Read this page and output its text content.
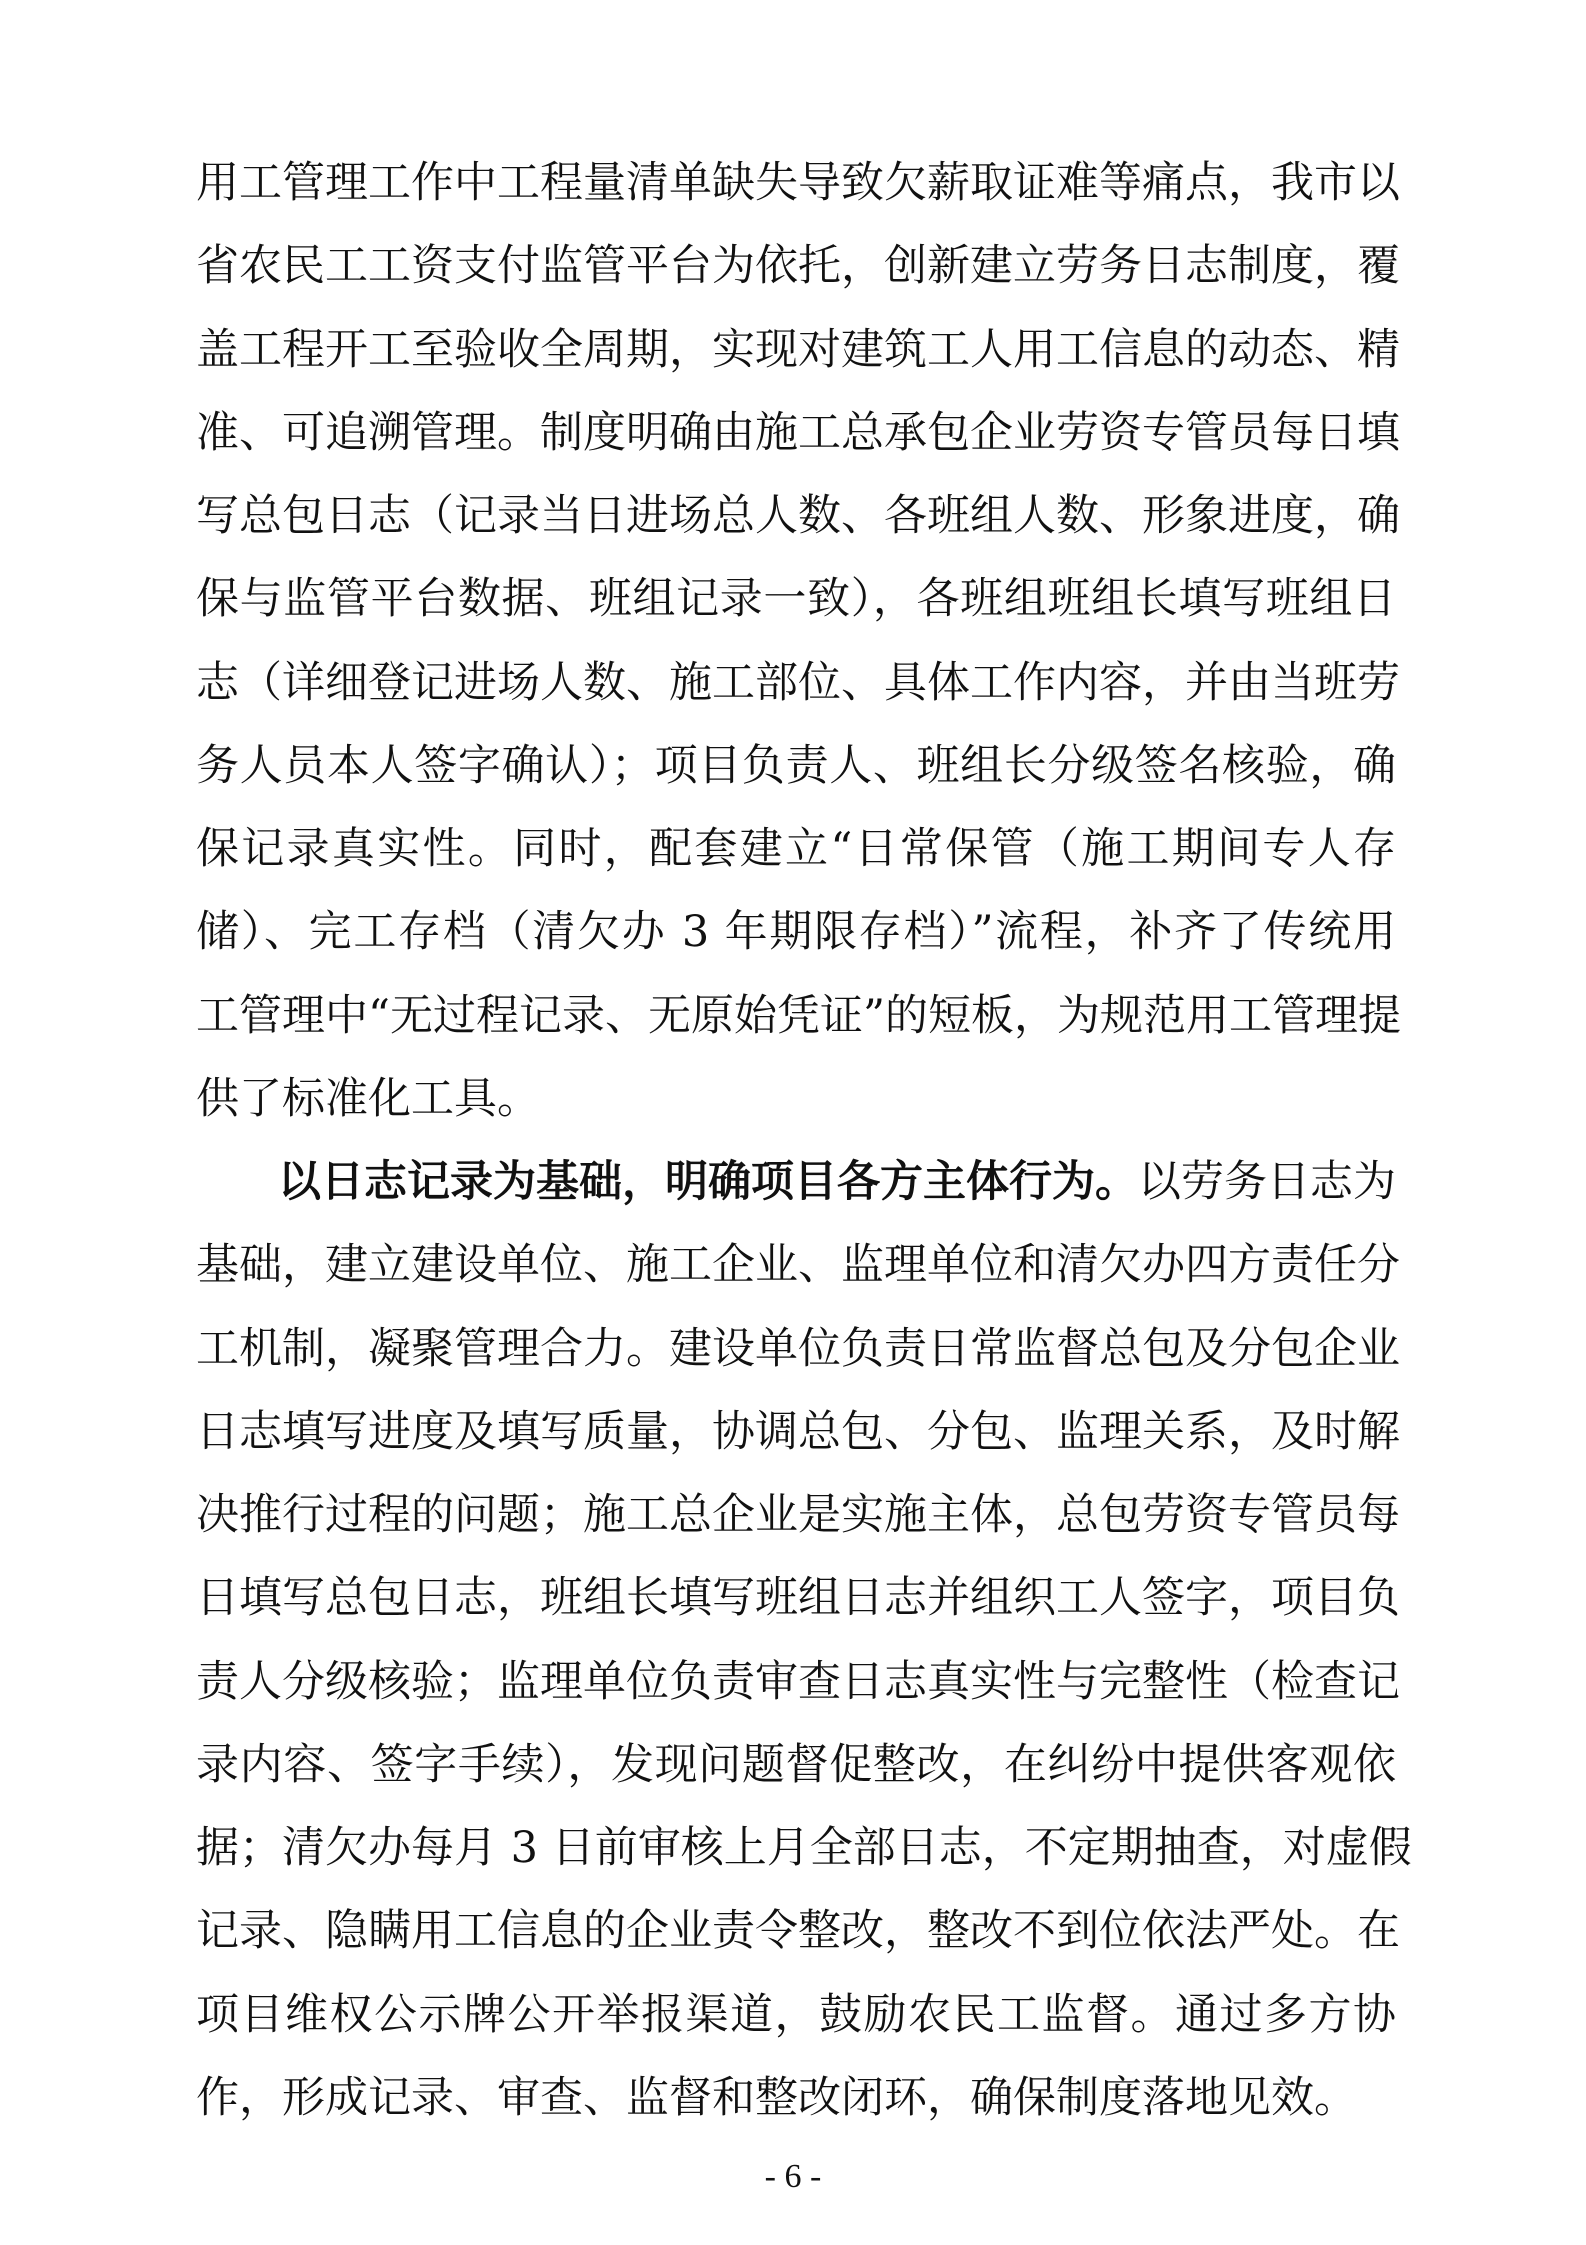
用工管理工作中工程量清单缺失导致欠薪取证难等痛点，我市以
省农民工工资支付监管平台为依托，创新建立劳务日志制度，覆
盖工程开工至验收全周期，实现对建筑工人用工信息的动态、精
准、可追溯管理。制度明确由施工总承包企业劳资专管员每日填
写总包日志（记录当日进场总人数、各班组人数、形象进度，确
保与监管平台数据、班组记录一致），各班组班组长填写班组日
志（详细登记进场人数、施工部位、具体工作内容，并由当班劳
务人员本人签字确认）；项目负责人、班组长分级签名核验，确
保记录真实性。同时，配套建立“日常保管（施工期间专人存
储）、完工存档（清欠办 3 年期限存档）”流程，补齐了传统用
工管理中“无过程记录、无原始凭证”的短板，为规范用工管理提
供了标准化工具。
以日志记录为基础，明确项目各方主体行为。以劳务日志为
基础，建立建设单位、施工企业、监理单位和清欠办四方责任分
工机制，凝聚管理合力。建设单位负责日常监督总包及分包企业
日志填写进度及填写质量，协调总包、分包、监理关系，及时解
决推行过程的问题；施工总企业是实施主体，总包劳资专管员每
日填写总包日志，班组长填写班组日志并组织工人签字，项目负
责人分级核验；监理单位负责审查日志真实性与完整性（检查记
录内容、签字手续），发现问题督促整改，在纠纷中提供客观依
据；清欠办每月 3 日前审核上月全部日志，不定期抽查，对虚假
记录、隐瞒用工信息的企业责令整改，整改不到位依法严处。在
项目维权公示牌公开举报渠道，鼓励农民工监督。通过多方协
作，形成记录、审查、监督和整改闭环，确保制度落地见效。
- 6 -
